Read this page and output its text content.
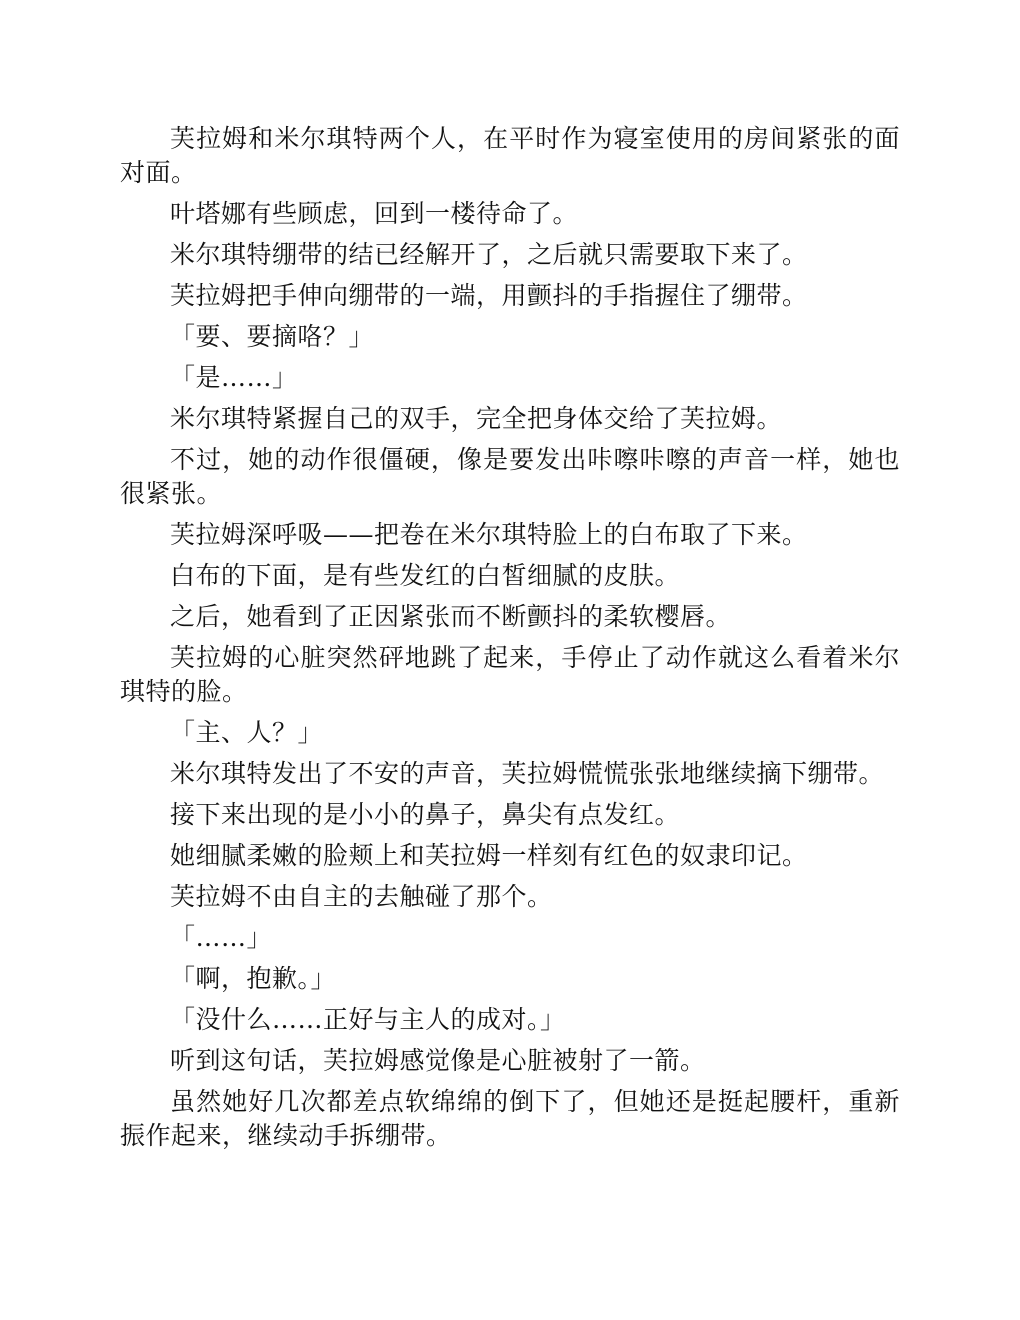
芙拉姆和米尔琪特两个人，在平时作为寝室使用的房间紧张的面对面。

叶塔娜有些顾虑，回到一楼待命了。

米尔琪特绷带的结已经解开了，之后就只需要取下来了。

芙拉姆把手伸向绷带的一端，用颤抖的手指握住了绷带。

「要、要摘咯？」

「是……」

米尔琪特紧握自己的双手，完全把身体交给了芙拉姆。

不过，她的动作很僵硬，像是要发出咔嚓咔嚓的声音一样，她也很紧张。

芙拉姆深呼吸——把卷在米尔琪特脸上的白布取了下来。

白布的下面，是有些发红的白皙细腻的皮肤。

之后，她看到了正因紧张而不断颤抖的柔软樱唇。

芙拉姆的心脏突然砰地跳了起来，手停止了动作就这么看着米尔琪特的脸。

「主、人？」

米尔琪特发出了不安的声音，芙拉姆慌慌张张地继续摘下绷带。

接下来出现的是小小的鼻子，鼻尖有点发红。

她细腻柔嫩的脸颊上和芙拉姆一样刻有红色的奴隶印记。

芙拉姆不由自主的去触碰了那个。

「……」

「啊，抱歉。」

「没什么……正好与主人的成对。」

听到这句话，芙拉姆感觉像是心脏被射了一箭。

虽然她好几次都差点软绵绵的倒下了，但她还是挺起腰杆，重新振作起来，继续动手拆绷带。
